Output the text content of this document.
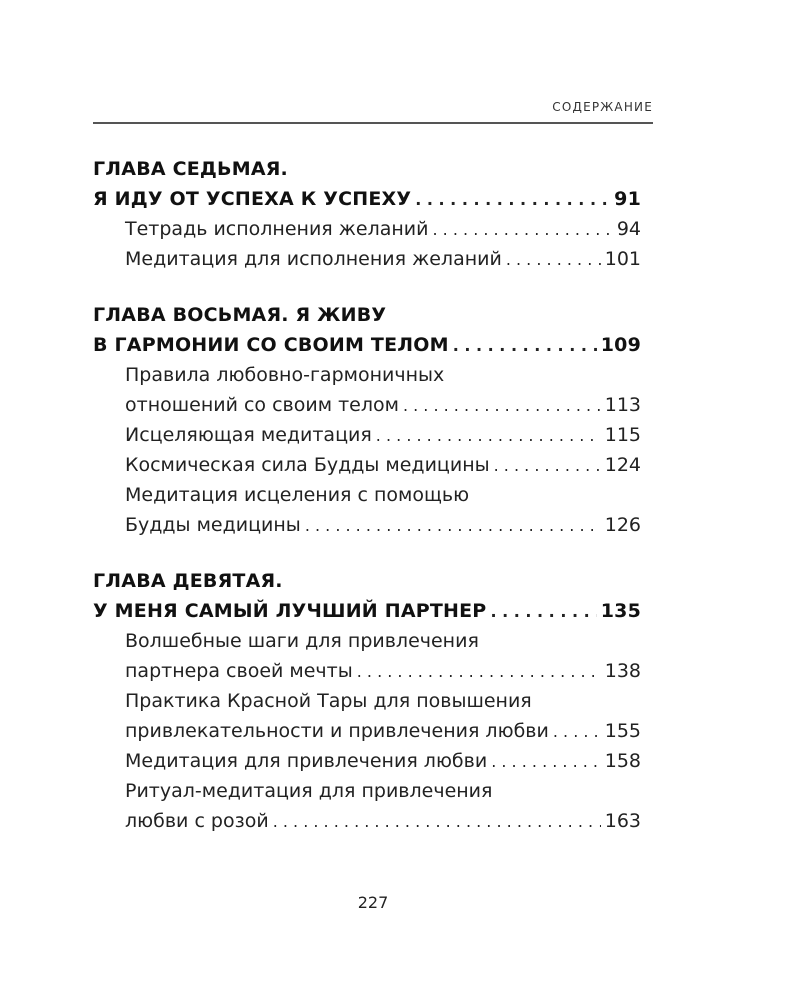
СОДЕРЖАНИЕ
ГЛАВА СЕДЬМАЯ.
Я ИДУ ОТ УСПЕХА К УСПЕХУ . . .	91
Тетрадь исполнения желаний . . .	94
Медитация для исполнения желаний . . .	101
ГЛАВА ВОСЬМАЯ. Я ЖИВУ
В ГАРМОНИИ СО СВОИМ ТЕЛОМ . . .	109
Правила любовно-гармоничных
отношений со своим телом . . .	113
Исцеляющая медитация . . .	115
Космическая сила Будды медицины . . .	124
Медитация исцеления с помощью
Будды медицины . . .	126
ГЛАВА ДЕВЯТАЯ.
У МЕНЯ САМЫЙ ЛУЧШИЙ ПАРТНЕР . . .	135
Волшебные шаги для привлечения
партнера своей мечты . . .	138
Практика Красной Тары для повышения
привлекательности и привлечения любви . . .	155
Медитация для привлечения любви . . .	158
Ритуал-медитация для привлечения
любви с розой . . .	163
227
